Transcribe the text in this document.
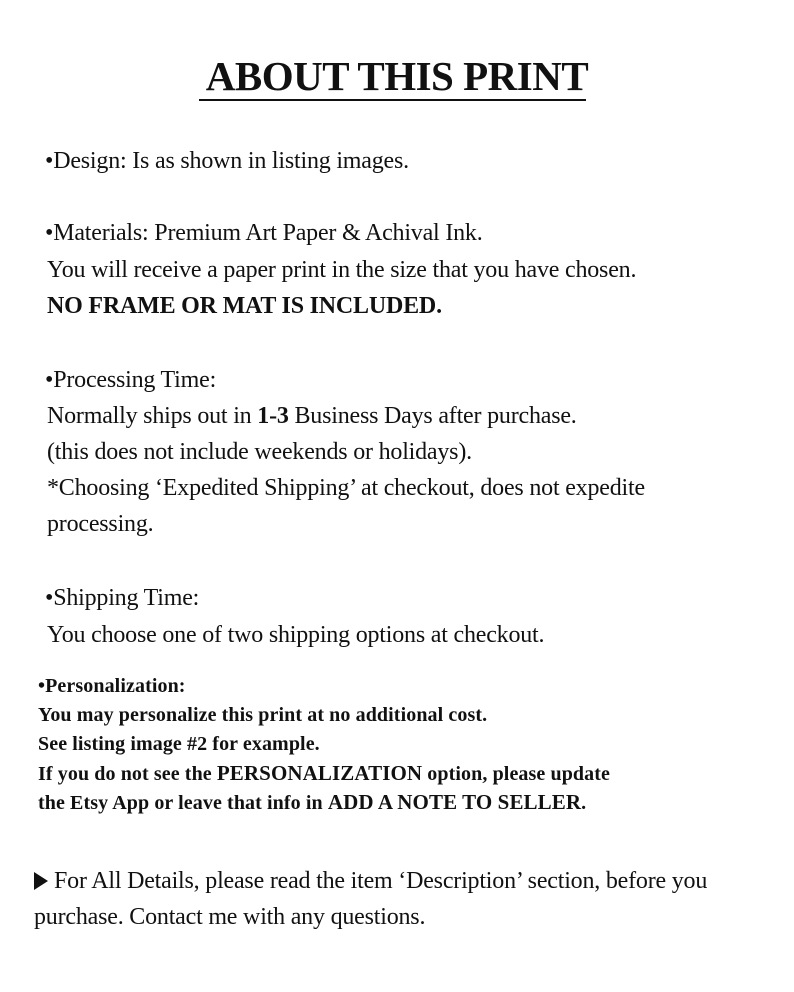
ABOUT THIS PRINT
•Design: Is as shown in listing images.
•Materials: Premium Art Paper & Achival Ink.
You will receive a paper print in the size that you have chosen.
NO FRAME OR MAT IS INCLUDED.
•Processing Time:
Normally ships out in 1-3 Business Days after purchase.
(this does not include weekends or holidays).
*Choosing ‘Expedited Shipping’ at checkout, does not expedite
processing.
•Shipping Time:
You choose one of two shipping options at checkout.
•Personalization:
You may personalize this print at no additional cost.
See listing image #2 for example.
If you do not see the PERSONALIZATION option, please update
the Etsy App or leave that info in ADD A NOTE TO SELLER.
For All Details, please read the item ‘Description’ section, before you
purchase. Contact me with any questions.
